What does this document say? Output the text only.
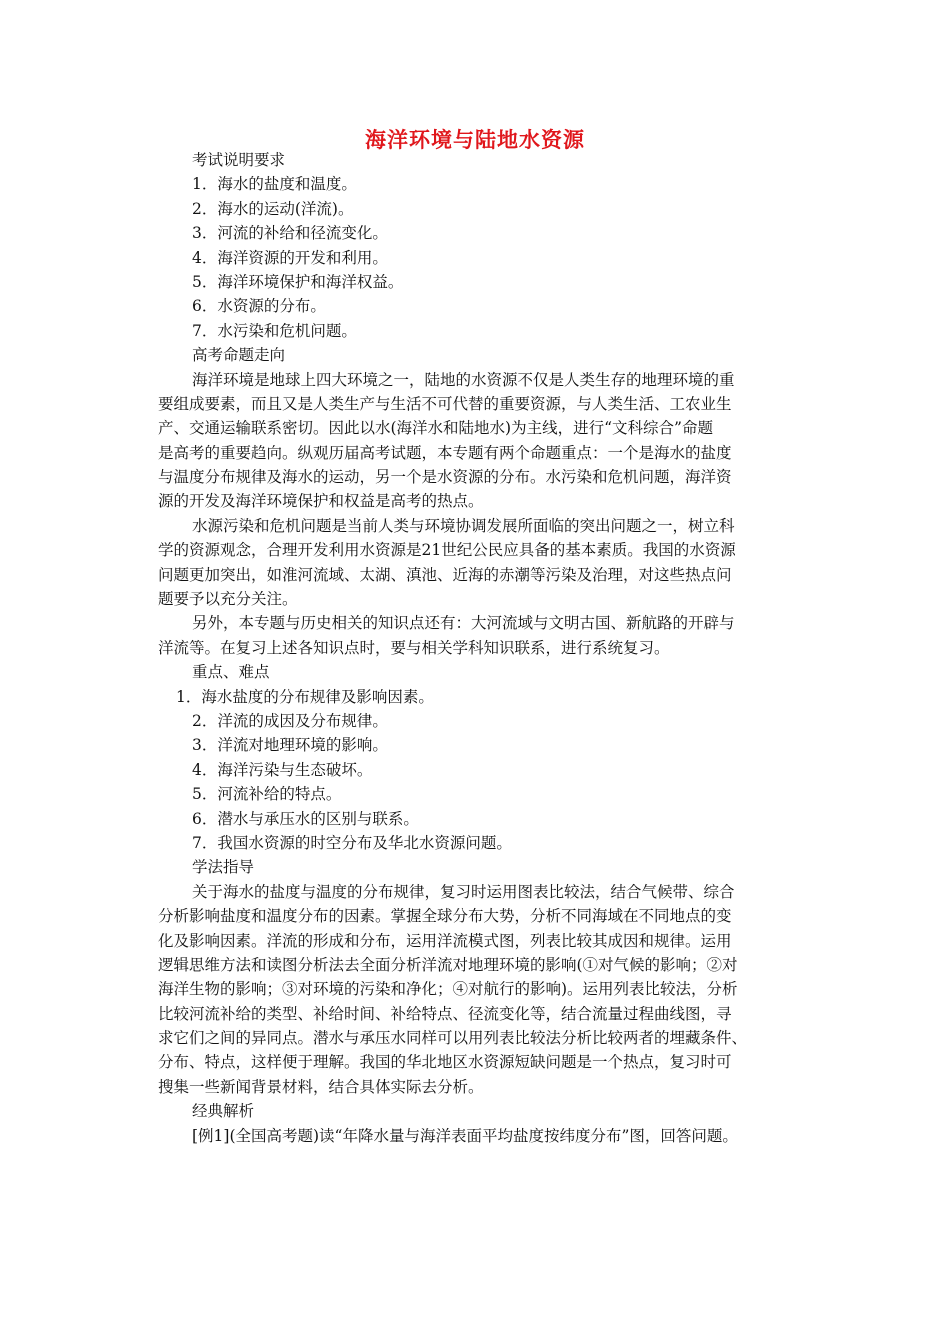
海洋环境与陆地水资源
考试说明要求
1．海水的盐度和温度。
2．海水的运动(洋流)。
3．河流的补给和径流变化。
4．海洋资源的开发和利用。
5．海洋环境保护和海洋权益。
6．水资源的分布。
7．水污染和危机问题。
高考命题走向
海洋环境是地球上四大环境之一，陆地的水资源不仅是人类生存的地理环境的重
要组成要素，而且又是人类生产与生活不可代替的重要资源，与人类生活、工农业生
产、交通运输联系密切。因此以水(海洋水和陆地水)为主线，进行“文科综合”命题
是高考的重要趋向。纵观历届高考试题，本专题有两个命题重点：一个是海水的盐度
与温度分布规律及海水的运动，另一个是水资源的分布。水污染和危机问题，海洋资
源的开发及海洋环境保护和权益是高考的热点。
水源污染和危机问题是当前人类与环境协调发展所面临的突出问题之一，树立科
学的资源观念，合理开发利用水资源是21世纪公民应具备的基本素质。我国的水资源
问题更加突出，如淮河流域、太湖、滇池、近海的赤潮等污染及治理，对这些热点问
题要予以充分关注。
另外，本专题与历史相关的知识点还有：大河流域与文明古国、新航路的开辟与
洋流等。在复习上述各知识点时，要与相关学科知识联系，进行系统复习。
重点、难点
1．海水盐度的分布规律及影响因素。
2．洋流的成因及分布规律。
3．洋流对地理环境的影响。
4．海洋污染与生态破坏。
5．河流补给的特点。
6．潜水与承压水的区别与联系。
7．我国水资源的时空分布及华北水资源问题。
学法指导
关于海水的盐度与温度的分布规律，复习时运用图表比较法，结合气候带、综合
分析影响盐度和温度分布的因素。掌握全球分布大势，分析不同海域在不同地点的变
化及影响因素。洋流的形成和分布，运用洋流模式图，列表比较其成因和规律。运用
逻辑思维方法和读图分析法去全面分析洋流对地理环境的影响(①对气候的影响；②对
海洋生物的影响；③对环境的污染和净化；④对航行的影响)。运用列表比较法，分析
比较河流补给的类型、补给时间、补给特点、径流变化等，结合流量过程曲线图，寻
求它们之间的异同点。潜水与承压水同样可以用列表比较法分析比较两者的埋藏条件、
分布、特点，这样便于理解。我国的华北地区水资源短缺问题是一个热点，复习时可
搜集一些新闻背景材料，结合具体实际去分析。
经典解析
[例1](全国高考题)读“年降水量与海洋表面平均盐度按纬度分布”图，回答问题。
